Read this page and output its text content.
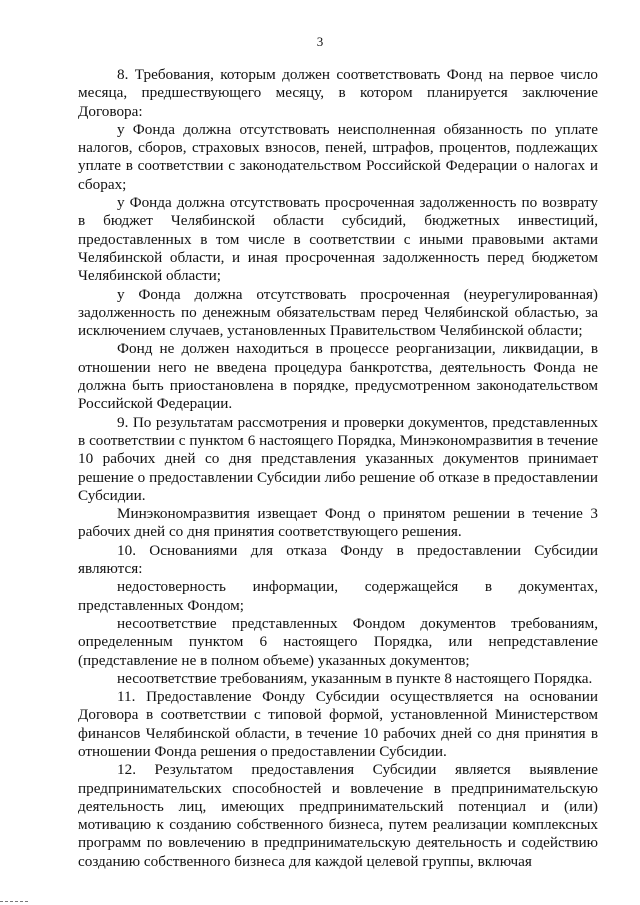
3

8. Требования, которым должен соответствовать Фонд на первое число месяца, предшествующего месяцу, в котором планируется заключение Договора:

у Фонда должна отсутствовать неисполненная обязанность по уплате налогов, сборов, страховых взносов, пеней, штрафов, процентов, подлежащих уплате в соответствии с законодательством Российской Федерации о налогах и сборах;

у Фонда должна отсутствовать просроченная задолженность по возврату в бюджет Челябинской области субсидий, бюджетных инвестиций, предоставленных в том числе в соответствии с иными правовыми актами Челябинской области, и иная просроченная задолженность перед бюджетом Челябинской области;

у Фонда должна отсутствовать просроченная (неурегулированная) задолженность по денежным обязательствам перед Челябинской областью, за исключением случаев, установленных Правительством Челябинской области;

Фонд не должен находиться в процессе реорганизации, ликвидации, в отношении него не введена процедура банкротства, деятельность Фонда не должна быть приостановлена в порядке, предусмотренном законодательством Российской Федерации.

9. По результатам рассмотрения и проверки документов, представленных в соответствии с пунктом 6 настоящего Порядка, Минэкономразвития в течение 10 рабочих дней со дня представления указанных документов принимает решение о предоставлении Субсидии либо решение об отказе в предоставлении Субсидии.

Минэкономразвития извещает Фонд о принятом решении в течение 3 рабочих дней со дня принятия соответствующего решения.

10. Основаниями для отказа Фонду в предоставлении Субсидии являются:

недостоверность информации, содержащейся в документах, представленных Фондом;

несоответствие представленных Фондом документов требованиям, определенным пунктом 6 настоящего Порядка, или непредставление (представление не в полном объеме) указанных документов;

несоответствие требованиям, указанным в пункте 8 настоящего Порядка.

11. Предоставление Фонду Субсидии осуществляется на основании Договора в соответствии с типовой формой, установленной Министерством финансов Челябинской области, в течение 10 рабочих дней со дня принятия в отношении Фонда решения о предоставлении Субсидии.

12. Результатом предоставления Субсидии является выявление предпринимательских способностей и вовлечение в предпринимательскую деятельность лиц, имеющих предпринимательский потенциал и (или) мотивацию к созданию собственного бизнеса, путем реализации комплексных программ по вовлечению в предпринимательскую деятельность и содействию созданию собственного бизнеса для каждой целевой группы, включая
